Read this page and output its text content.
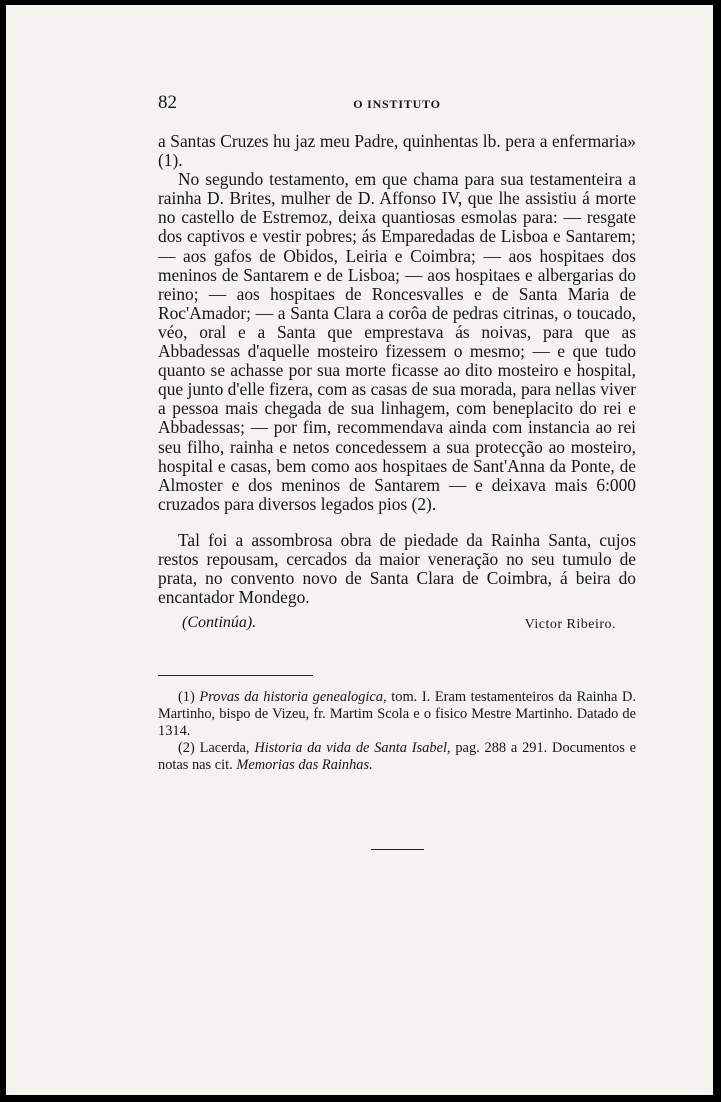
82	O INSTITUTO

a Santas Cruzes hu jaz meu Padre, quinhentas lb. pera a enfermaria» (1).

No segundo testamento, em que chama para sua testamenteira a rainha D. Brites, mulher de D. Affonso IV, que lhe assistiu á morte no castello de Estremoz, deixa quantiosas esmolas para: — resgate dos captivos e vestir pobres; ás Emparedadas de Lisboa e Santarem; — aos gafos de Obidos, Leiria e Coimbra; — aos hospitaes dos meninos de Santarem e de Lisboa; — aos hospitaes e albergarias do reino; — aos hospitaes de Roncesvalles e de Santa Maria de Roc'Amador; — a Santa Clara a corôa de pedras citrinas, o toucado, véo, oral e a Santa que emprestava ás noivas, para que as Abbadessas d'aquelle mosteiro fizessem o mesmo; — e que tudo quanto se achasse por sua morte ficasse ao dito mosteiro e hospital, que junto d'elle fizera, com as casas de sua morada, para nellas viver a pessoa mais chegada de sua linhagem, com beneplacito do rei e Abbadessas; — por fim, recommendava ainda com instancia ao rei seu filho, rainha e netos concedessem a sua protecção ao mosteiro, hospital e casas, bem como aos hospitaes de Sant'Anna da Ponte, de Almoster e dos meninos de Santarem — e deixava mais 6:000 cruzados para diversos legados pios (2).

Tal foi a assombrosa obra de piedade da Rainha Santa, cujos restos repousam, cercados da maior veneração no seu tumulo de prata, no convento novo de Santa Clara de Coimbra, á beira do encantador Mondego.

(Continúa).	Victor Ribeiro.

(1) Provas da historia genealogica, tom. I. Eram testamenteiros da Rainha D. Martinho, bispo de Vizeu, fr. Martim Scola e o fisico Mestre Martinho. Datado de 1314.

(2) Lacerda, Historia da vida de Santa Isabel, pag. 288 a 291. Documentos e notas nas cit. Memorias das Rainhas.
